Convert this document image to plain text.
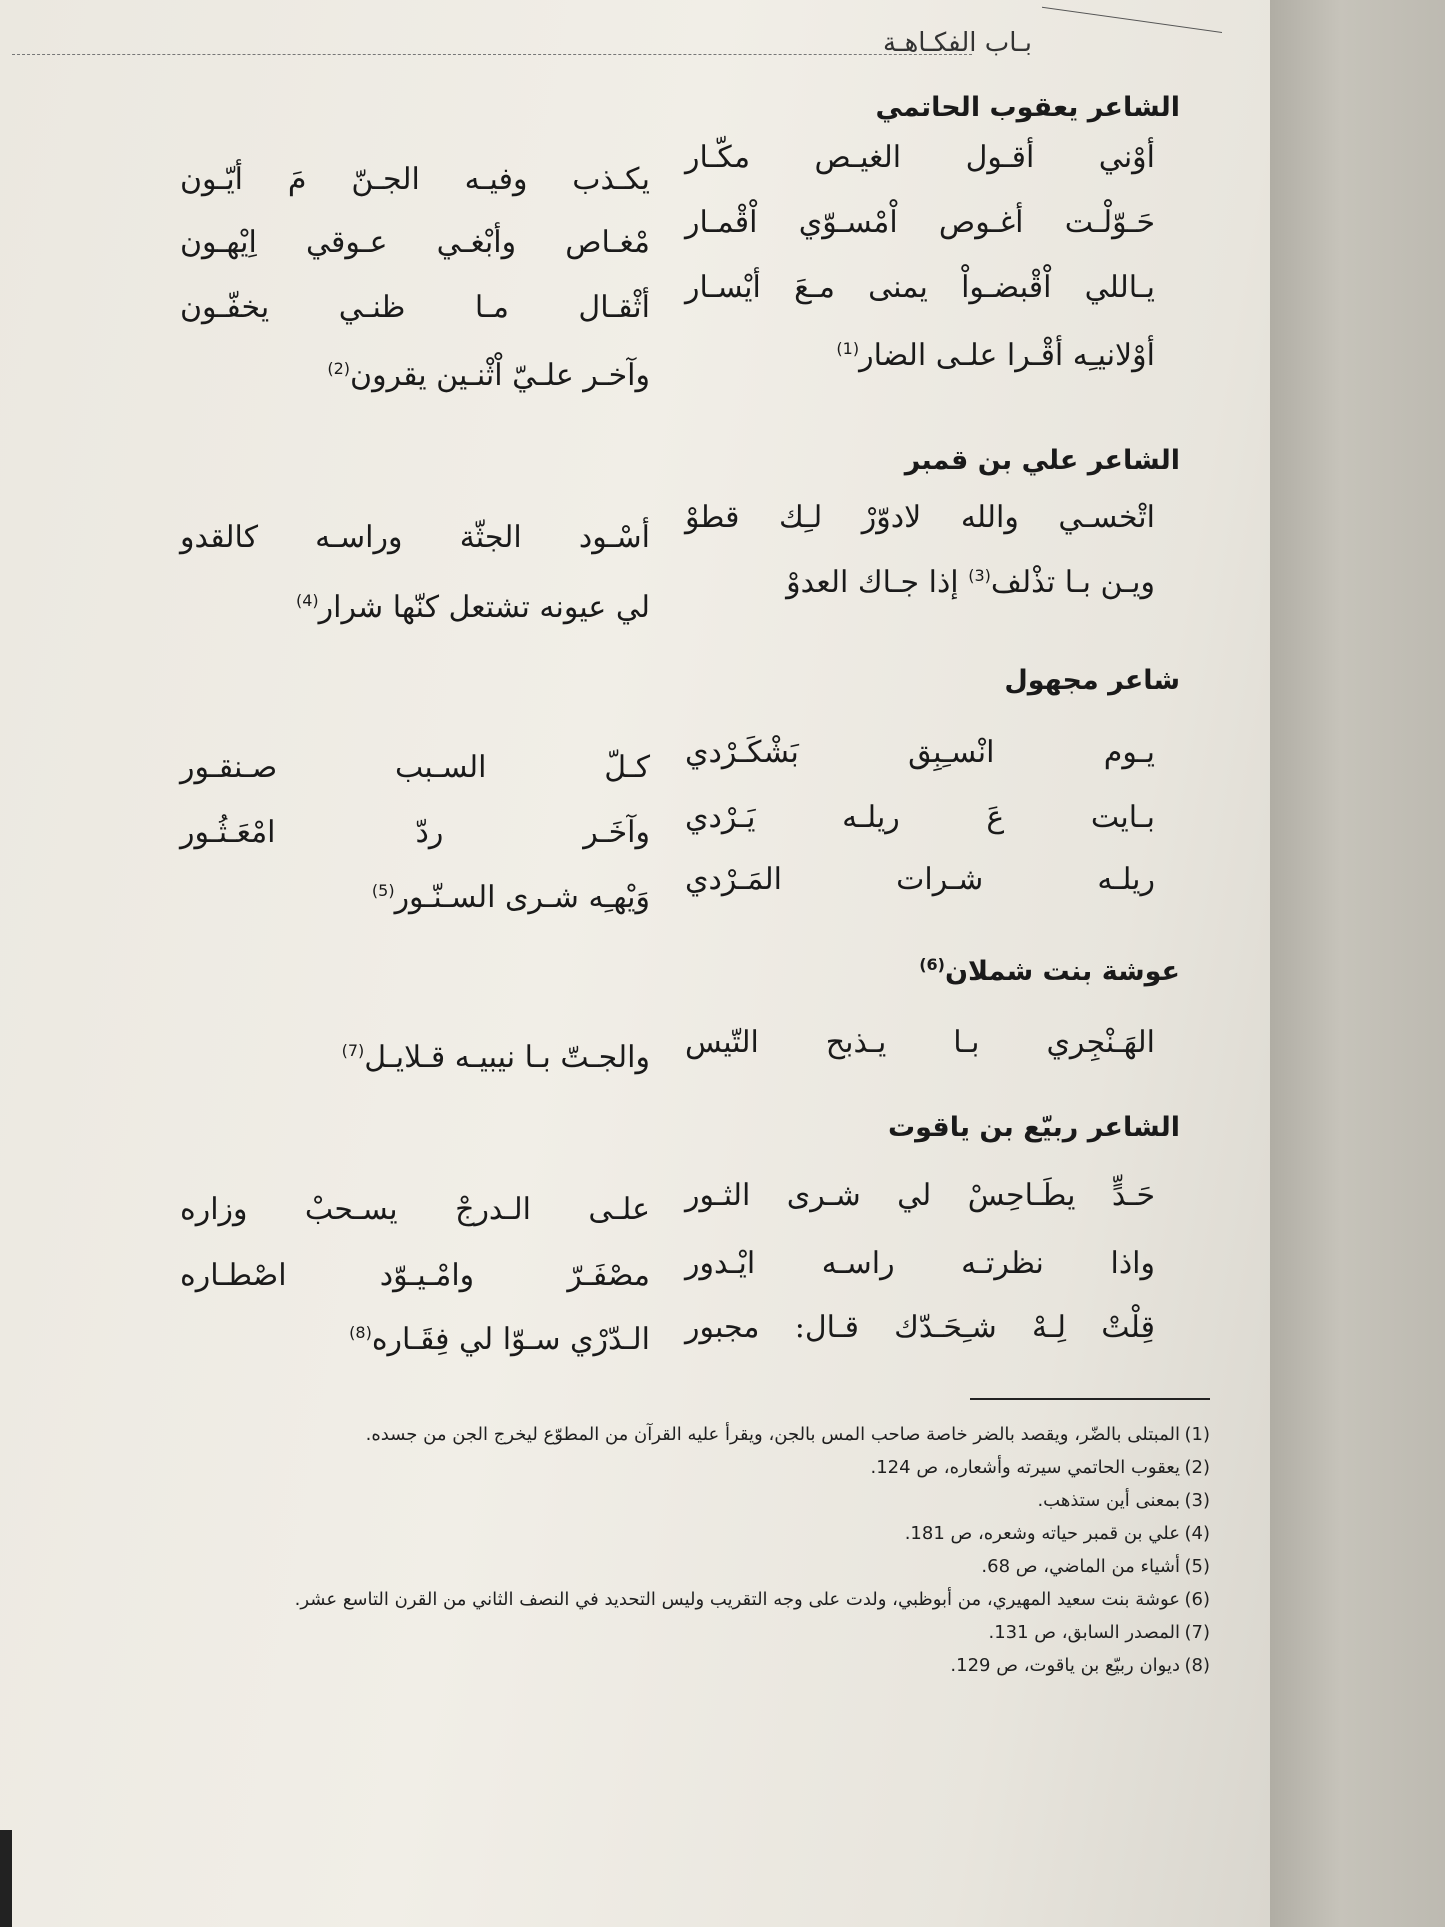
بـاب الفكـاهـة
الشاعر يعقوب الحاتمي
أوْني أقـول الغيـص مكّـار
يكـذب وفيـه الجـنّ مَ أيّـون
حَـوّلْـت أغـوص اْمْسـوّي اْقْمـار
مْغـاص وأبْغـي عـوقي اِيْهـون
يـاللي اْقْبضـواْ يمنى مـعَ أيْسـار
أثْقـال مـا ظنـي يخفّـون
أوْلانيـِه أقْـرا علـى الضار$^{(1)}$
وآخـر علـيّ اْثْنـين يقرون$^{(2)}$
الشاعر علي بن قمبر
اتْخسـي والله لادوّرْ لـِك قطوْ
أسْـود الجثّة وراسـه كالقدو
ويـن بـا تذْلف$^{(3)}$ إذا جـاك العدوْ
لي عيونه تشتعل كنّها شرار$^{(4)}$
شاعر مجهول
يـوم انْسـِبِق بَشْكَـرْدي
كـلّ السـبب صـنقـور
بـايت عَ ريلـه يَـرْدي
وآخَـر ردّ امْعَـثُـور
ريلـه شـرات المَـرْدي
وَيْهـِه شـرى السـنّـور$^{(5)}$
عوشة بنت شملان$^{(6)}$
الهَـنْجِري بـا يـذبح التّيس
والجـتّ بـا نيبيـه قـلايـل$^{(7)}$
الشاعر ربيّع بن ياقوت
حَـدٍّ يطَـاحِسْ لي شـرى الثـور
علـى الـدرجْ يسـحبْ وزاره
واذا نظرتـه راسـه ايْـدور
مصْفَـرّ وامْـيـوّد اصْطـاره
قِلْتْ لِـهْ شـِحَـدّك قـال: مجبور
الـدّرْي سـوّا لي فِقَـاره$^{(8)}$
(1)المبتلى بالضّر، ويقصد بالضر خاصة صاحب المس بالجن، ويقرأ عليه القرآن من المطوّع ليخرج الجن من جسده.
(2)يعقوب الحاتمي سيرته وأشعاره، ص 124.
(3)بمعنى أين ستذهب.
(4)علي بن قمبر حياته وشعره، ص 181.
(5)أشياء من الماضي، ص 68.
(6)عوشة بنت سعيد المهيري، من أبوظبي، ولدت على وجه التقريب وليس التحديد في النصف الثاني من القرن التاسع عشر.
(7)المصدر السابق، ص 131.
(8)ديوان ربيّع بن ياقوت، ص 129.
